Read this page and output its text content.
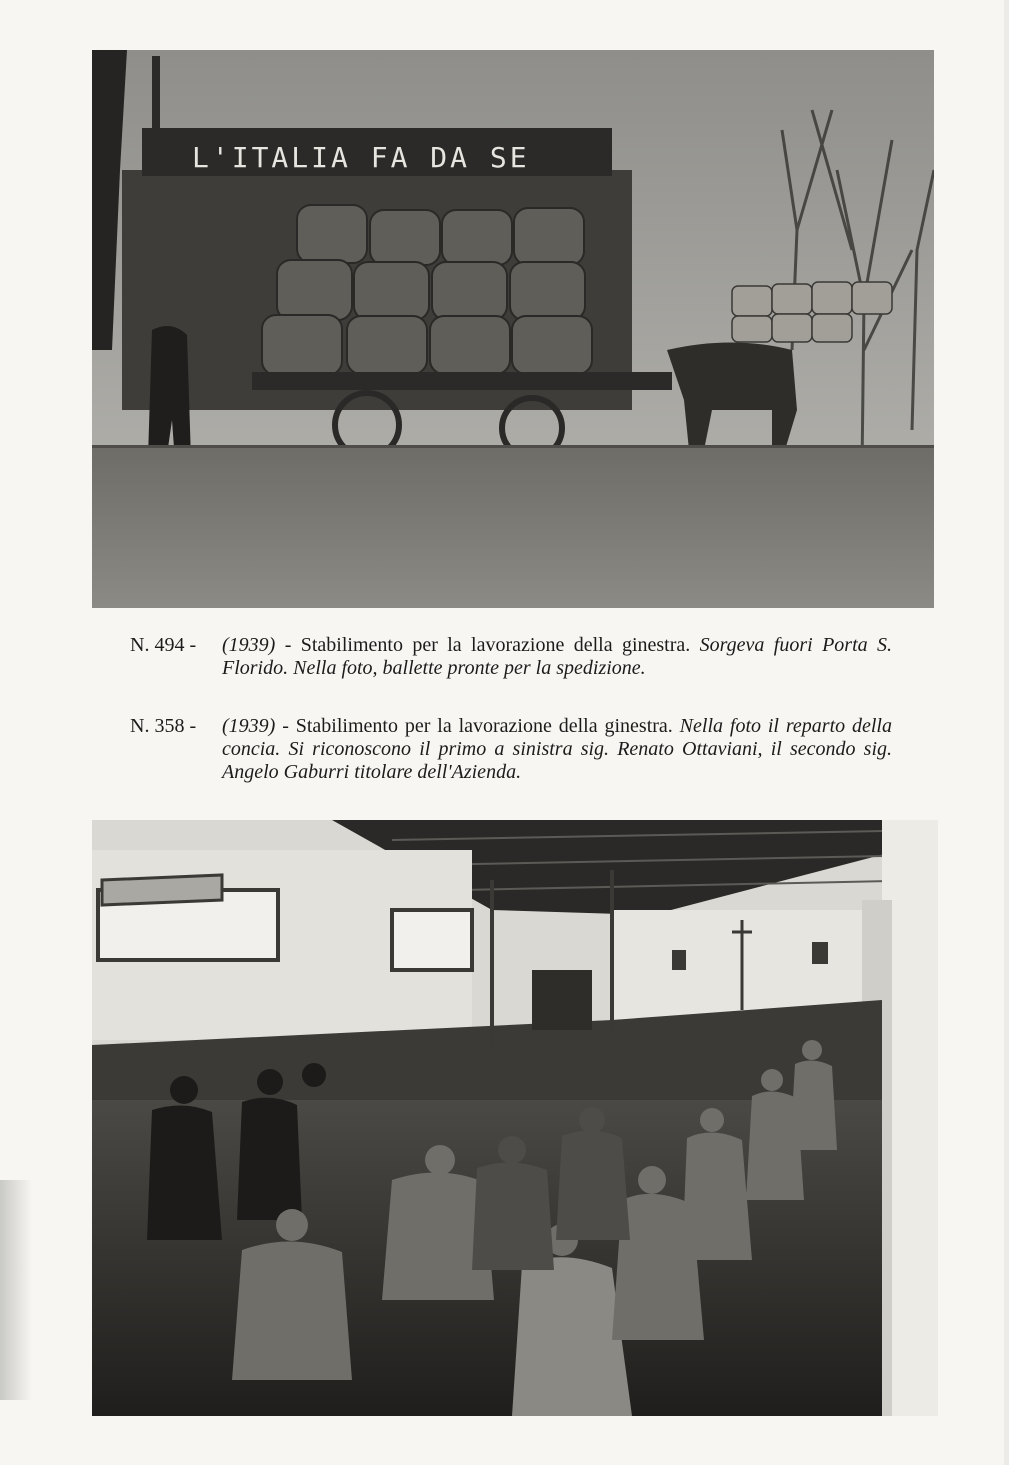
L'ITALIA FA DA SE
N. 494 - (1939) - Stabilimento per la lavorazione della ginestra. Sorgeva fuori Porta S. Florido. Nella foto, ballette pronte per la spedizione.
N. 358 - (1939) - Stabilimento per la lavorazione della ginestra. Nella foto il reparto della concia. Si riconoscono il primo a sinistra sig. Renato Ottaviani, il secondo sig. Angelo Gaburri titolare dell'Azienda.
